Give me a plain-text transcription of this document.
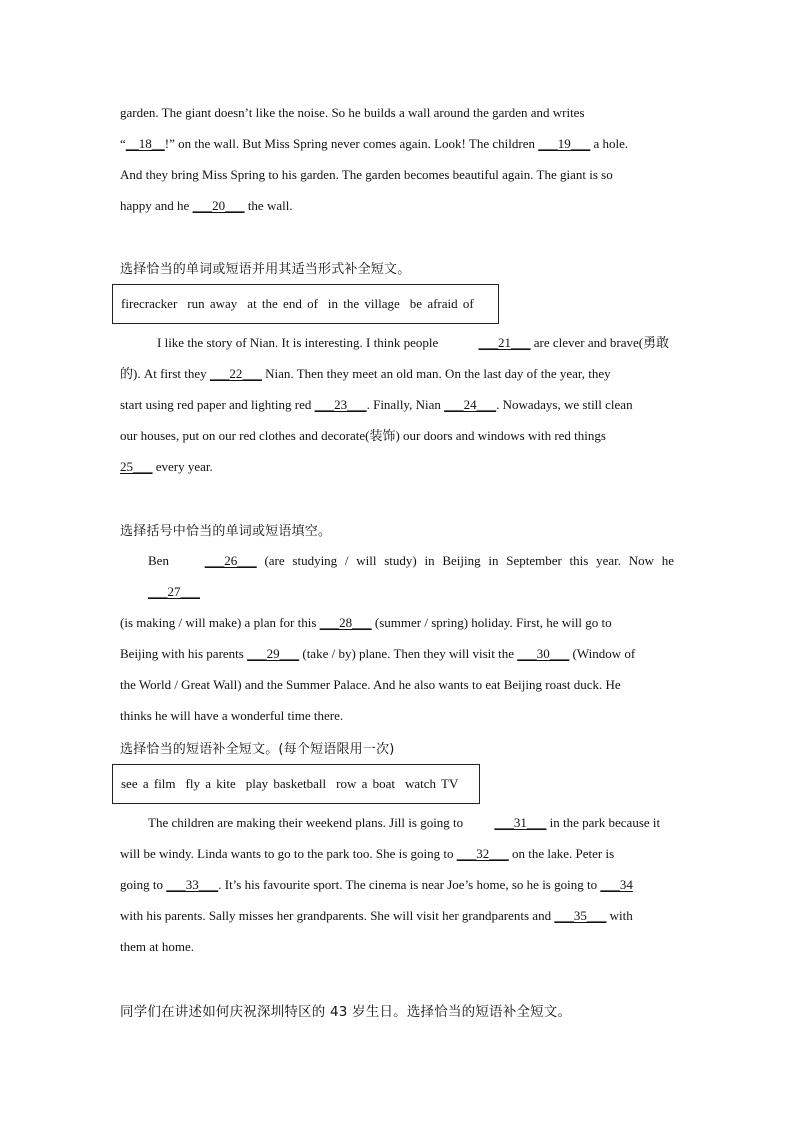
garden. The giant doesn’t like the noise. So he builds a wall around the garden and writes
“__18__!” on the wall. But Miss Spring never comes again. Look! The children ___19___ a hole.
And they bring Miss Spring to his garden. The garden becomes beautiful again. The giant is so
happy and he ___20___ the wall.
选择恰当的单词或短语并用其适当形式补全短文。
firecracker run away at the end of in the village be afraid of
I like the story of Nian. It is interesting. I think people	___21___ are clever and brave(勇敢
的). At first they ___22___ Nian. Then they meet an old man. On the last day of the year, they
start using red paper and lighting red ___23___. Finally, Nian ___24___. Nowadays, we still clean
our houses, put on our red clothes and decorate(装饰) our doors and windows with red things
25___ every year.
选择括号中恰当的单词或短语填空。
Ben	___26___ (are studying / will study) in Beijing in September this year. Now he ___27___
(is making / will make) a plan for this ___28___ (summer / spring) holiday. First, he will go to
Beijing with his parents ___29___ (take / by) plane. Then they will visit the ___30___ (Window of
the World / Great Wall) and the Summer Palace. And he also wants to eat Beijing roast duck. He
thinks he will have a wonderful time there.
选择恰当的短语补全短文。(每个短语限用一次)
see a film fly a kite play basketball row a boat watch TV
The children are making their weekend plans. Jill is going to ___31___ in the park because it
will be windy. Linda wants to go to the park too. She is going to ___32___ on the lake. Peter is
going to ___33___. It’s his favourite sport. The cinema is near Joe’s home, so he is going to ___34
with his parents. Sally misses her grandparents. She will visit her grandparents and ___35___ with
them at home.
同学们在讲述如何庆祝深圳特区的 43 岁生日。选择恰当的短语补全短文。
